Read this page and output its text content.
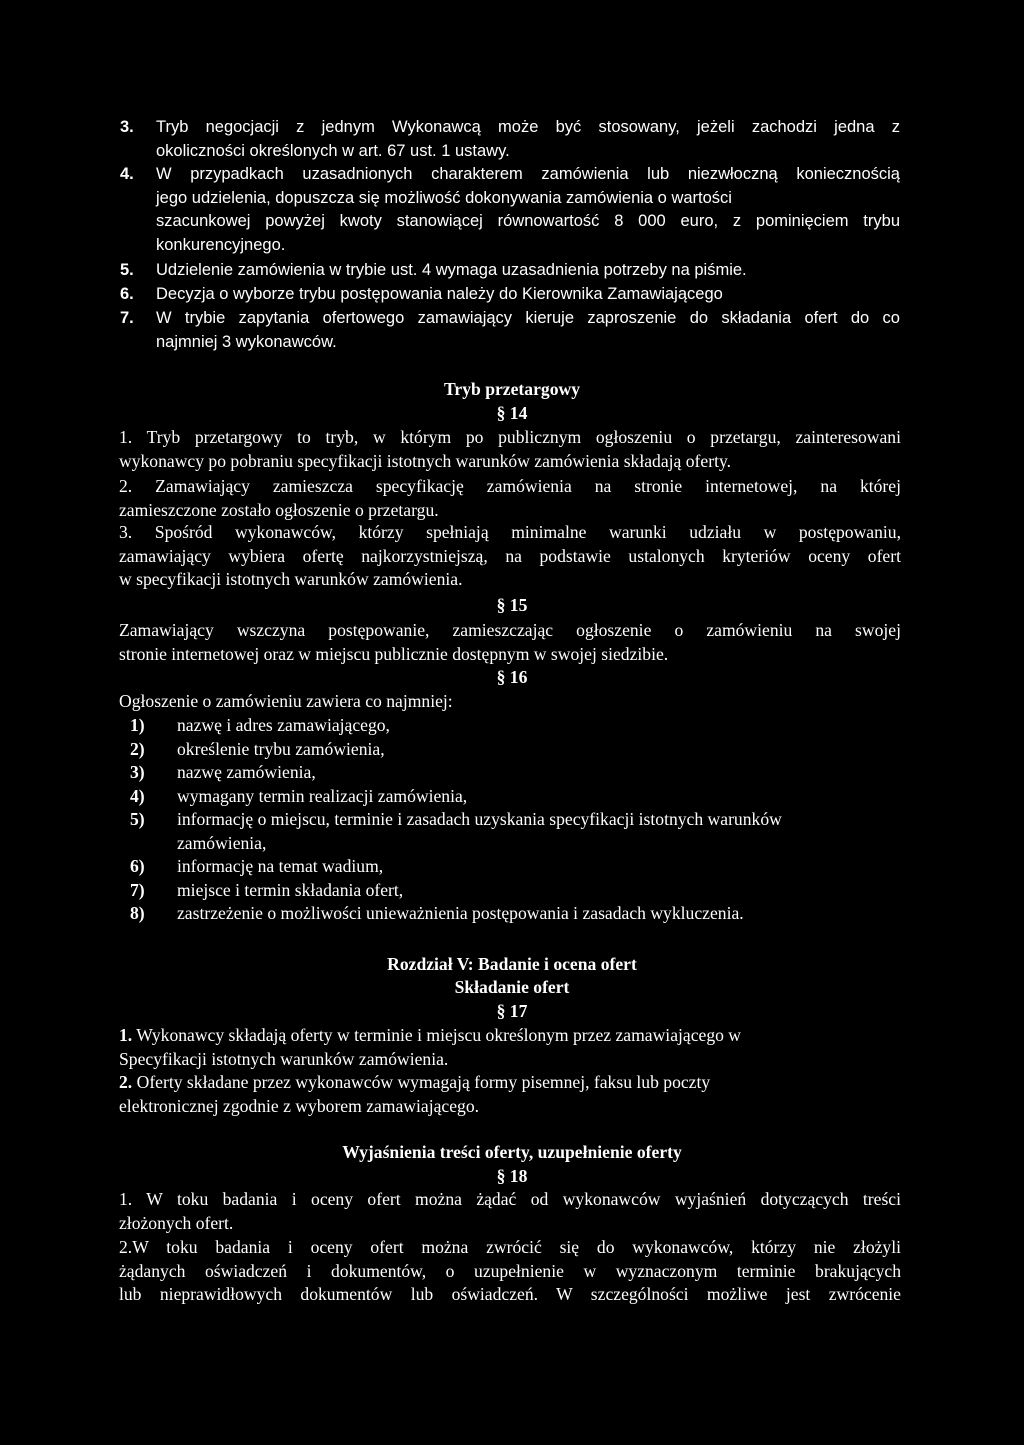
3. Tryb negocjacji z jednym Wykonawcą może być stosowany, jeżeli zachodzi jedna z
okoliczności określonych w art. 67 ust. 1 ustawy.
4. W przypadkach uzasadnionych charakterem zamówienia lub niezwłoczną koniecznością
jego udzielenia, dopuszcza się możliwość dokonywania zamówienia o wartości
szacunkowej powyżej kwoty stanowiącej równowartość 8 000 euro, z pominięciem trybu
konkurencyjnego.
5. Udzielenie zamówienia w trybie ust. 4 wymaga uzasadnienia potrzeby na piśmie.
6. Decyzja o wyborze trybu postępowania należy do Kierownika Zamawiającego
7. W trybie zapytania ofertowego zamawiający kieruje zaproszenie do składania ofert do co
najmniej 3 wykonawców.
Tryb przetargowy
§ 14
1. Tryb przetargowy to tryb, w którym po publicznym ogłoszeniu o przetargu, zainteresowani
wykonawcy po pobraniu specyfikacji istotnych warunków zamówienia składają oferty.
2. Zamawiający zamieszcza specyfikację zamówienia na stronie internetowej, na której
zamieszczone zostało ogłoszenie o przetargu.
3. Spośród wykonawców, którzy spełniają minimalne warunki udziału w postępowaniu,
zamawiający wybiera ofertę najkorzystniejszą, na podstawie ustalonych kryteriów oceny ofert
w specyfikacji istotnych warunków zamówienia.
§ 15
Zamawiający wszczyna postępowanie, zamieszczając ogłoszenie o zamówieniu na swojej
stronie internetowej oraz w miejscu publicznie dostępnym w swojej siedzibie.
§ 16
Ogłoszenie o zamówieniu zawiera co najmniej:
1) nazwę i adres zamawiającego,
2) określenie trybu zamówienia,
3) nazwę zamówienia,
4) wymagany termin realizacji zamówienia,
5) informację o miejscu, terminie i zasadach uzyskania specyfikacji istotnych warunków
zamówienia,
6) informację na temat wadium,
7) miejsce i termin składania ofert,
8) zastrzeżenie o możliwości unieważnienia postępowania i zasadach wykluczenia.
Rozdział V: Badanie i ocena ofert
Składanie ofert
§ 17
1. Wykonawcy składają oferty w terminie i miejscu określonym przez zamawiającego w
Specyfikacji istotnych warunków zamówienia.
2. Oferty składane przez wykonawców wymagają formy pisemnej, faksu lub poczty
elektronicznej zgodnie z wyborem zamawiającego.
Wyjaśnienia treści oferty, uzupełnienie oferty
§ 18
1. W toku badania i oceny ofert można żądać od wykonawców wyjaśnień dotyczących treści
złożonych ofert.
2.W toku badania i oceny ofert można zwrócić się do wykonawców, którzy nie złożyli
żądanych oświadczeń i dokumentów, o uzupełnienie w wyznaczonym terminie brakujących
lub nieprawidłowych dokumentów lub oświadczeń. W szczególności możliwe jest zwrócenie
